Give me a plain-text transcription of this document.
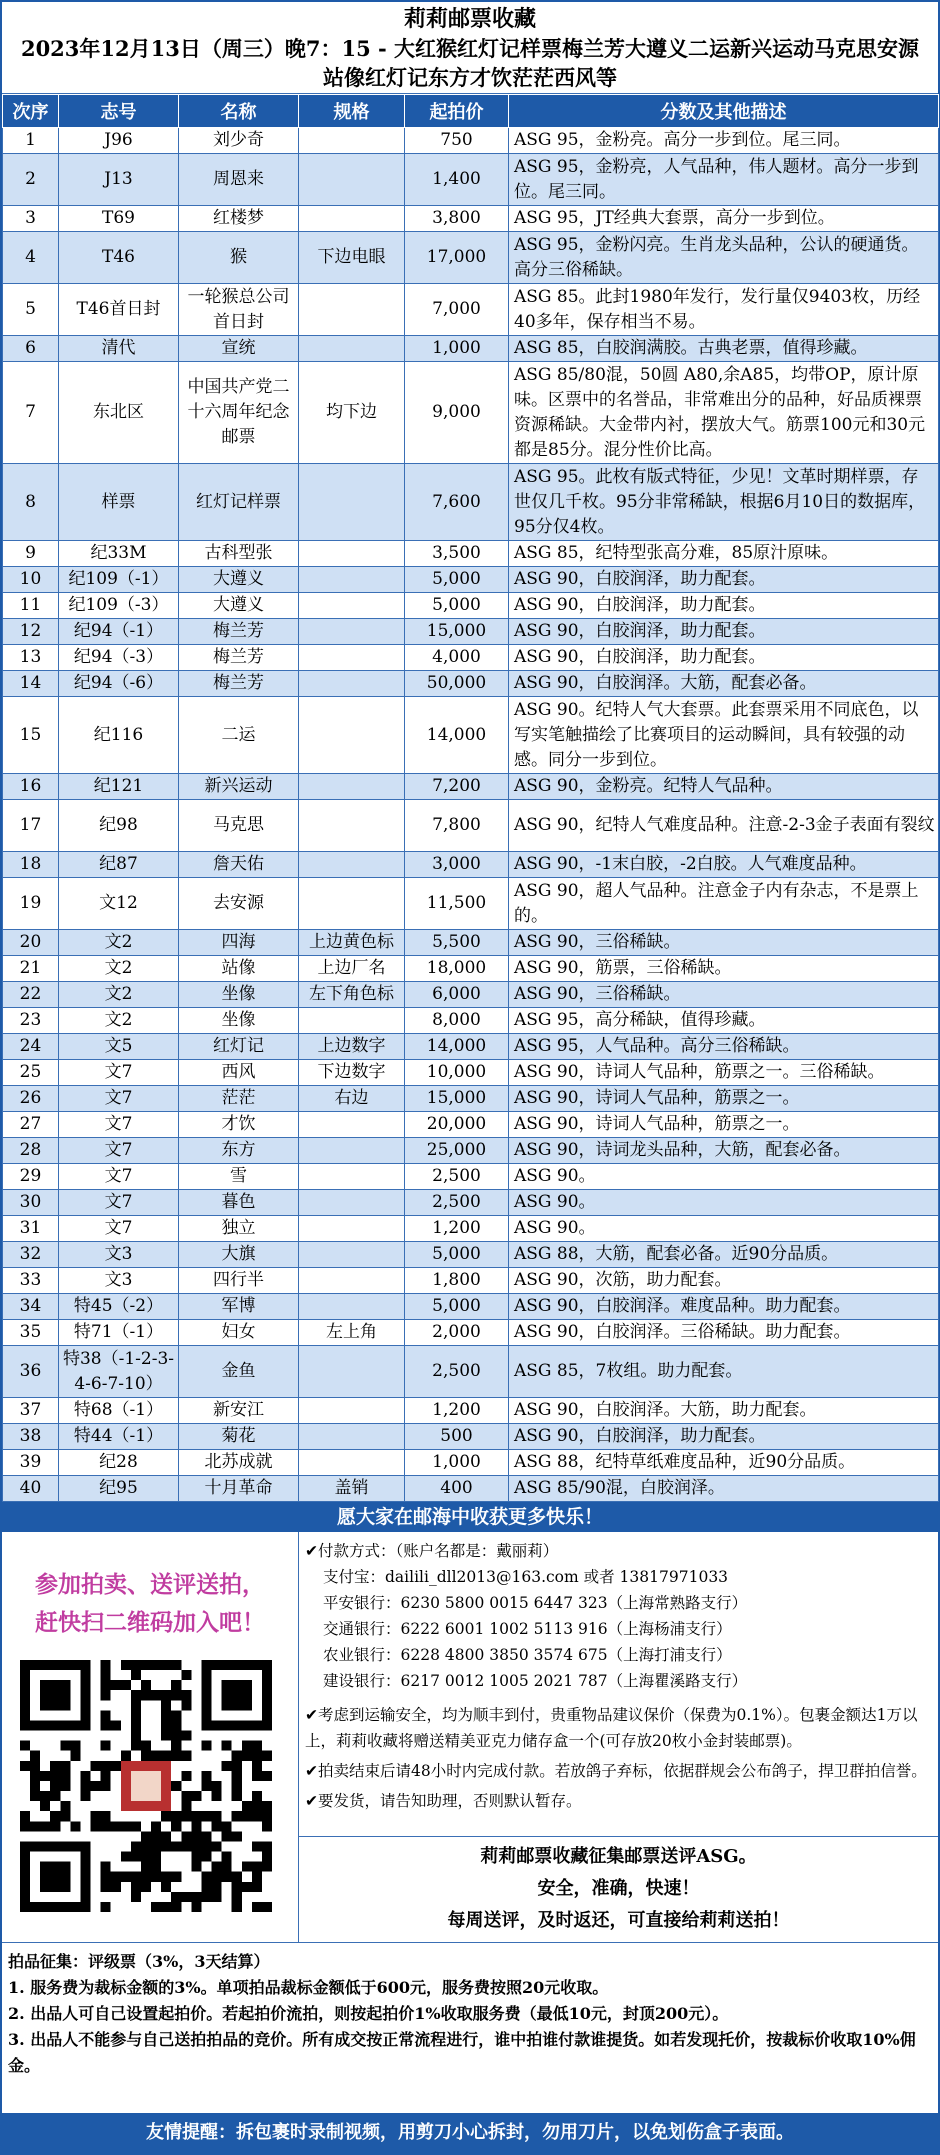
莉莉邮票收藏
2023年12月13日（周三）晚7：15 - 大红猴红灯记样票梅兰芳大遵义二运新兴运动马克思安源
站像红灯记东方才饮茫茫西风等
次序	志号	名称	规格	起拍价	分数及其他描述
1	J96	刘少奇		750	ASG 95，金粉亮。高分一步到位。尾三同。
2	J13	周恩来		1,400	ASG 95，金粉亮，人气品种，伟人题材。高分一步到位。尾三同。
3	T69	红楼梦		3,800	ASG 95，JT经典大套票，高分一步到位。
4	T46	猴	下边电眼	17,000	ASG 95，金粉闪亮。生肖龙头品种，公认的硬通货。高分三俗稀缺。
5	T46首日封	一轮猴总公司首日封		7,000	ASG 85。此封1980年发行，发行量仅9403枚，历经40多年，保存相当不易。
6	清代	宣统		1,000	ASG 85，白胶润满胶。古典老票，值得珍藏。
7	东北区	中国共产党二十六周年纪念邮票	均下边	9,000	ASG 85/80混，50圆 A80,余A85，均带OP，原计原味。区票中的名誉品，非常难出分的品种，好品质裸票资源稀缺。大金带内衬，摆放大气。筋票100元和30元都是85分。混分性价比高。
8	样票	红灯记样票		7,600	ASG 95。此枚有版式特征，少见！文革时期样票，存世仅几千枚。95分非常稀缺，根据6月10日的数据库，95分仅4枚。
9	纪33M	古科型张		3,500	ASG 85，纪特型张高分难，85原汁原味。
10	纪109（-1）	大遵义		5,000	ASG 90，白胶润泽，助力配套。
11	纪109（-3）	大遵义		5,000	ASG 90，白胶润泽，助力配套。
12	纪94（-1）	梅兰芳		15,000	ASG 90，白胶润泽，助力配套。
13	纪94（-3）	梅兰芳		4,000	ASG 90，白胶润泽，助力配套。
14	纪94（-6）	梅兰芳		50,000	ASG 90，白胶润泽。大筋，配套必备。
15	纪116	二运		14,000	ASG 90。纪特人气大套票。此套票采用不同底色，以写实笔触描绘了比赛项目的运动瞬间，具有较强的动感。同分一步到位。
16	纪121	新兴运动		7,200	ASG 90，金粉亮。纪特人气品种。
17	纪98	马克思		7,800	ASG 90，纪特人气难度品种。注意-2-3金子表面有裂纹
18	纪87	詹天佑		3,000	ASG 90，-1末白胶，-2白胶。人气难度品种。
19	文12	去安源		11,500	ASG 90，超人气品种。注意金子内有杂志，不是票上的。
20	文2	四海	上边黄色标	5,500	ASG 90，三俗稀缺。
21	文2	站像	上边厂名	18,000	ASG 90，筋票，三俗稀缺。
22	文2	坐像	左下角色标	6,000	ASG 90，三俗稀缺。
23	文2	坐像		8,000	ASG 95，高分稀缺，值得珍藏。
24	文5	红灯记	上边数字	14,000	ASG 95，人气品种。高分三俗稀缺。
25	文7	西风	下边数字	10,000	ASG 90，诗词人气品种，筋票之一。三俗稀缺。
26	文7	茫茫	右边	15,000	ASG 90，诗词人气品种，筋票之一。
27	文7	才饮		20,000	ASG 90，诗词人气品种，筋票之一。
28	文7	东方		25,000	ASG 90，诗词龙头品种，大筋，配套必备。
29	文7	雪		2,500	ASG 90。
30	文7	暮色		2,500	ASG 90。
31	文7	独立		1,200	ASG 90。
32	文3	大旗		5,000	ASG 88，大筋，配套必备。近90分品质。
33	文3	四行半		1,800	ASG 90，次筋，助力配套。
34	特45（-2）	军博		5,000	ASG 90，白胶润泽。难度品种。助力配套。
35	特71（-1）	妇女	左上角	2,000	ASG 90，白胶润泽。三俗稀缺。助力配套。
36	特38（-1-2-3-4-6-7-10）	金鱼		2,500	ASG 85，7枚组。助力配套。
37	特68（-1）	新安江		1,200	ASG 90，白胶润泽。大筋，助力配套。
38	特44（-1）	菊花		500	ASG 90，白胶润泽，助力配套。
39	纪28	北苏成就		1,000	ASG 88，纪特草纸难度品种，近90分品质。
40	纪95	十月革命	盖销	400	ASG 85/90混，白胶润泽。
愿大家在邮海中收获更多快乐！
参加拍卖、送评送拍，
赶快扫二维码加入吧！
✔付款方式：（账户名都是：戴丽莉）
支付宝：dailili_dll2013@163.com 或者 13817971033
平安银行：6230 5800 0015 6447 323（上海常熟路支行）
交通银行：6222 6001 1002 5113 916（上海杨浦支行）
农业银行：6228 4800 3850 3574 675（上海打浦支行）
建设银行：6217 0012 1005 2021 787（上海瞿溪路支行）

✔考虑到运输安全，均为顺丰到付，贵重物品建议保价（保费为0.1%）。包裹金额达1万以上，莉莉收藏将赠送精美亚克力储存盒一个(可存放20枚小金封装邮票)。

✔拍卖结束后请48小时内完成付款。若放鸽子弃标，依据群规会公布鸽子，捍卫群拍信誉。

✔要发货，请告知助理，否则默认暂存。

莉莉邮票收藏征集邮票送评ASG。
安全，准确，快速！
每周送评，及时返还，可直接给莉莉送拍！

拍品征集：评级票（3%，3天结算）

1. 服务费为裁标金额的3%。单项拍品裁标金额低于600元，服务费按照20元收取。

2. 出品人可自己设置起拍价。若起拍价流拍，则按起拍价1%收取服务费（最低10元，封顶200元）。

3. 出品人不能参与自己送拍拍品的竞价。所有成交按正常流程进行，谁中拍谁付款谁提货。如若发现托价，按裁标价收取10%佣金。

友情提醒：拆包裹时录制视频，用剪刀小心拆封，勿用刀片，以免划伤盒子表面。
